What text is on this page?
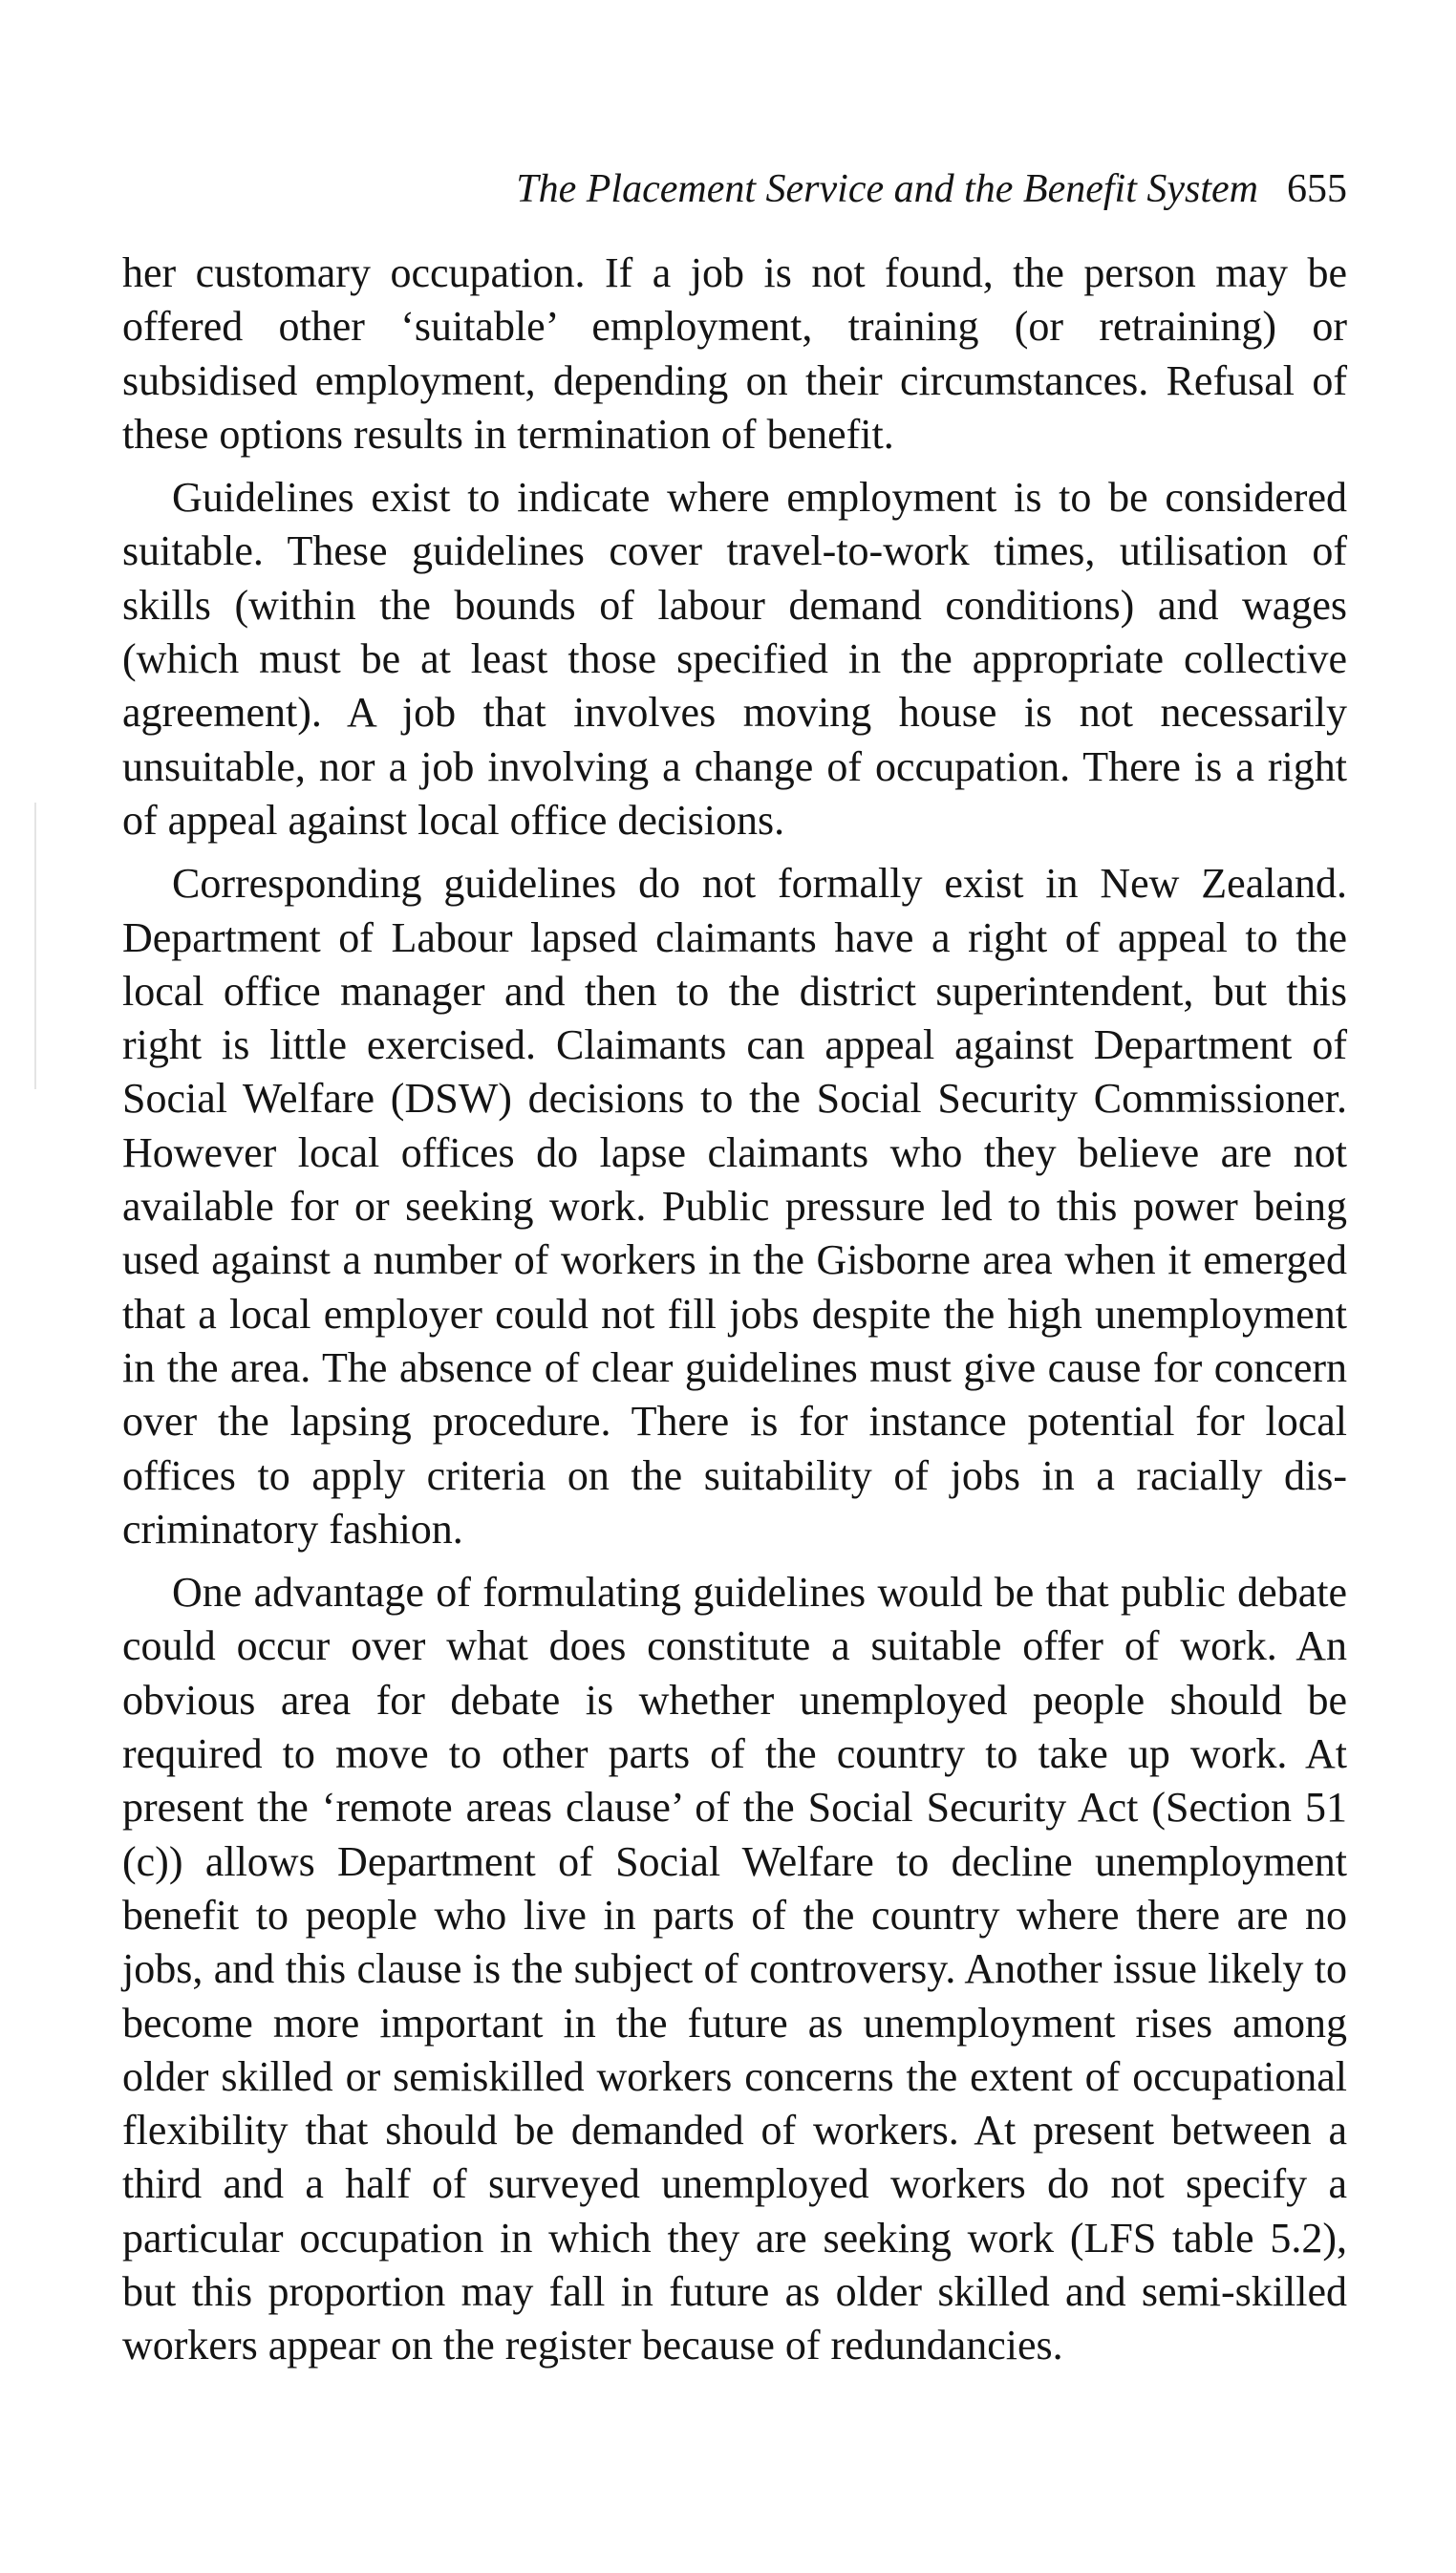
The Placement Service and the Benefit System 655

her customary occupation. If a job is not found, the person may be offered other ‘suitable’ employment, training (or retraining) or subsidised employment, depending on their circumstances. Refusal of these options results in termination of benefit.

Guidelines exist to indicate where employment is to be considered suitable. These guidelines cover travel-to-work times, utilisation of skills (within the bounds of labour demand conditions) and wages (which must be at least those specified in the appropriate collective agreement). A job that involves moving house is not necessarily unsuitable, nor a job involving a change of occupation. There is a right of appeal against local office decisions.

Corresponding guidelines do not formally exist in New Zealand. Department of Labour lapsed claimants have a right of appeal to the local office manager and then to the district superintendent, but this right is little exercised. Claimants can appeal against Department of Social Welfare (DSW) decisions to the Social Security Commissioner. However local offices do lapse claimants who they believe are not available for or seeking work. Public pressure led to this power being used against a number of workers in the Gisborne area when it emerged that a local employer could not fill jobs despite the high unemployment in the area. The absence of clear guidelines must give cause for concern over the lapsing procedure. There is for instance potential for local offices to apply criteria on the suitability of jobs in a racially discriminatory fashion.

One advantage of formulating guidelines would be that public debate could occur over what does constitute a suitable offer of work. An obvious area for debate is whether unemployed people should be required to move to other parts of the country to take up work. At present the ‘remote areas clause’ of the Social Security Act (Section 51 (c)) allows Department of Social Welfare to decline unemployment benefit to people who live in parts of the country where there are no jobs, and this clause is the subject of controversy. Another issue likely to become more important in the future as unemployment rises among older skilled or semiskilled workers concerns the extent of occupational flexibility that should be demanded of workers. At present between a third and a half of surveyed unemployed workers do not specify a particular occupation in which they are seeking work (LFS table 5.2), but this proportion may fall in future as older skilled and semi-skilled workers appear on the register because of redundancies.
